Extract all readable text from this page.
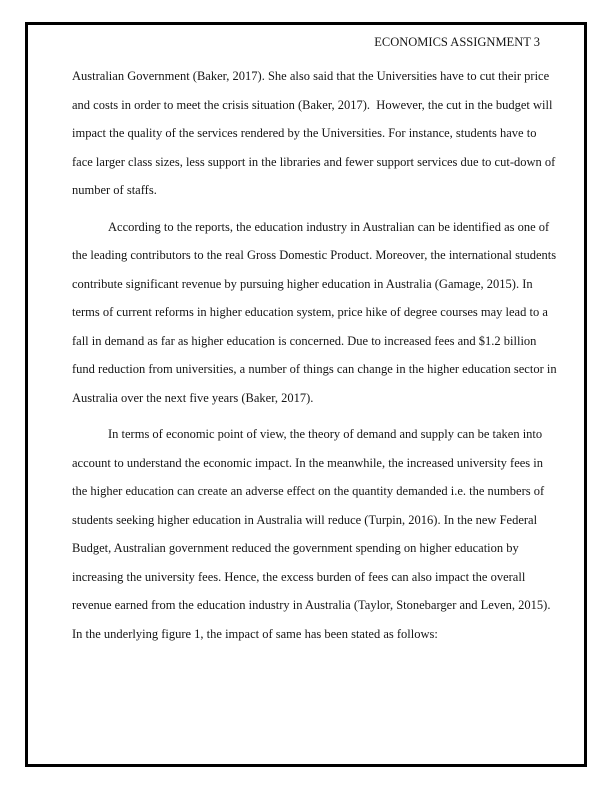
ECONOMICS ASSIGNMENT 3
Australian Government (Baker, 2017). She also said that the Universities have to cut their price
and costs in order to meet the crisis situation (Baker, 2017).  However, the cut in the budget will
impact the quality of the services rendered by the Universities. For instance, students have to
face larger class sizes, less support in the libraries and fewer support services due to cut-down of
number of staffs.
According to the reports, the education industry in Australian can be identified as one of
the leading contributors to the real Gross Domestic Product. Moreover, the international students
contribute significant revenue by pursuing higher education in Australia (Gamage, 2015). In
terms of current reforms in higher education system, price hike of degree courses may lead to a
fall in demand as far as higher education is concerned. Due to increased fees and $1.2 billion
fund reduction from universities, a number of things can change in the higher education sector in
Australia over the next five years (Baker, 2017).
In terms of economic point of view, the theory of demand and supply can be taken into
account to understand the economic impact. In the meanwhile, the increased university fees in
the higher education can create an adverse effect on the quantity demanded i.e. the numbers of
students seeking higher education in Australia will reduce (Turpin, 2016). In the new Federal
Budget, Australian government reduced the government spending on higher education by
increasing the university fees. Hence, the excess burden of fees can also impact the overall
revenue earned from the education industry in Australia (Taylor, Stonebarger and Leven, 2015).
In the underlying figure 1, the impact of same has been stated as follows:
